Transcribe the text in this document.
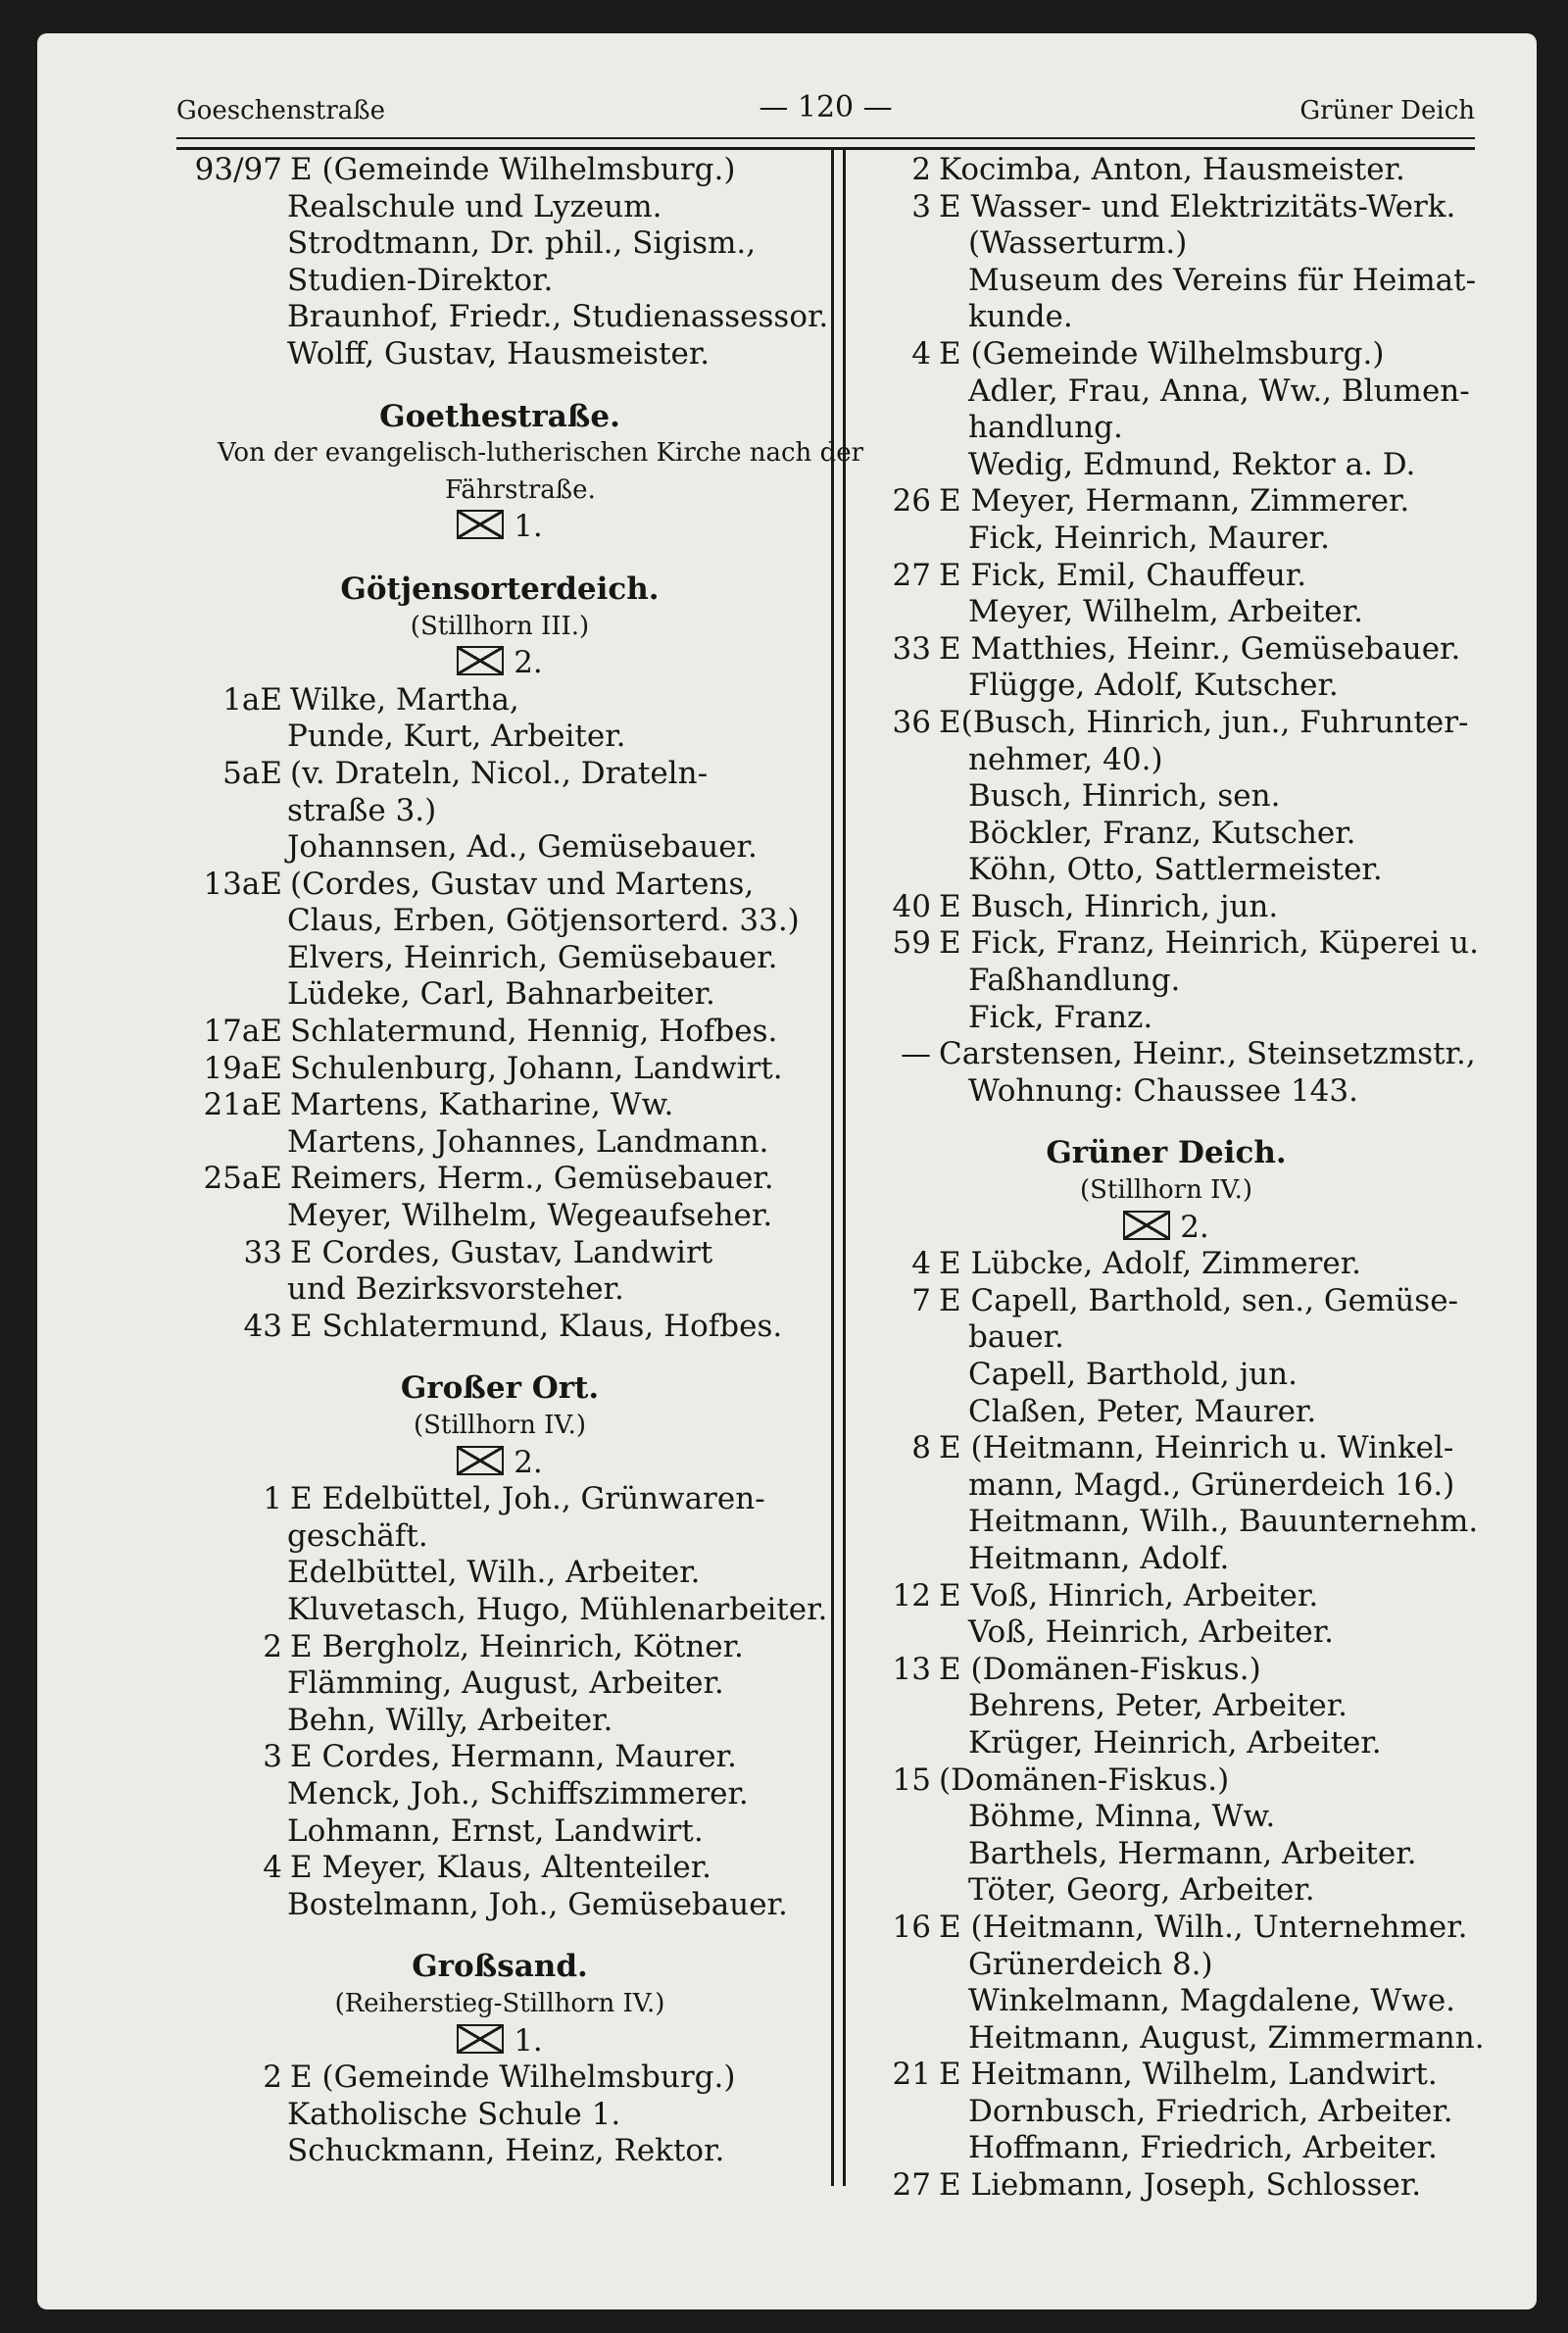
Goeschenstraße	— 120 —	Grüner Deich
93/97 E (Gemeinde Wilhelmsburg.)
Realschule und Lyzeum.
Strodtmann, Dr. phil., Sigism.,
Studien-Direktor.
Braunhof, Friedr., Studienassessor.
Wolff, Gustav, Hausmeister.
Goethestraße.
Von der evangelisch-lutherischen Kirche nach der
Fährstraße.
1.
Götjensorterdeich.
(Stillhorn III.)
2.
1aE Wilke, Martha,
Punde, Kurt, Arbeiter.
5aE (v. Drateln, Nicol., Drateln-
straße 3.)
Johannsen, Ad., Gemüsebauer.
13aE (Cordes, Gustav und Martens,
Claus, Erben, Götjensorterd. 33.)
Elvers, Heinrich, Gemüsebauer.
Lüdeke, Carl, Bahnarbeiter.
17aE Schlatermund, Hennig, Hofbes.
19aE Schulenburg, Johann, Landwirt.
21aE Martens, Katharine, Ww.
Martens, Johannes, Landmann.
25aE Reimers, Herm., Gemüsebauer.
Meyer, Wilhelm, Wegeaufseher.
33 E Cordes, Gustav, Landwirt
und Bezirksvorsteher.
43 E Schlatermund, Klaus, Hofbes.
Großer Ort.
(Stillhorn IV.)
2.
1 E Edelbüttel, Joh., Grünwaren-
geschäft.
Edelbüttel, Wilh., Arbeiter.
Kluvetasch, Hugo, Mühlenarbeiter.
2 E Bergholz, Heinrich, Kötner.
Flämming, August, Arbeiter.
Behn, Willy, Arbeiter.
3 E Cordes, Hermann, Maurer.
Menck, Joh., Schiffszimmerer.
Lohmann, Ernst, Landwirt.
4 E Meyer, Klaus, Altenteiler.
Bostelmann, Joh., Gemüsebauer.
Großsand.
(Reiherstieg-Stillhorn IV.)
1.
2 E (Gemeinde Wilhelmsburg.)
Katholische Schule 1.
Schuckmann, Heinz, Rektor.
2 Kocimba, Anton, Hausmeister.
3 E Wasser- und Elektrizitäts-Werk.
(Wasserturm.)
Museum des Vereins für Heimat-
kunde.
4 E (Gemeinde Wilhelmsburg.)
Adler, Frau, Anna, Ww., Blumen-
handlung.
Wedig, Edmund, Rektor a. D.
26 E Meyer, Hermann, Zimmerer.
Fick, Heinrich, Maurer.
27 E Fick, Emil, Chauffeur.
Meyer, Wilhelm, Arbeiter.
33 E Matthies, Heinr., Gemüsebauer.
Flügge, Adolf, Kutscher.
36 E(Busch, Hinrich, jun., Fuhrunter-
nehmer, 40.)
Busch, Hinrich, sen.
Böckler, Franz, Kutscher.
Köhn, Otto, Sattlermeister.
40 E Busch, Hinrich, jun.
59 E Fick, Franz, Heinrich, Küperei u.
Faßhandlung.
Fick, Franz.
— Carstensen, Heinr., Steinsetzmstr.,
Wohnung: Chaussee 143.
Grüner Deich.
(Stillhorn IV.)
2.
4 E Lübcke, Adolf, Zimmerer.
7 E Capell, Barthold, sen., Gemüse-
bauer.
Capell, Barthold, jun.
Claßen, Peter, Maurer.
8 E (Heitmann, Heinrich u. Winkel-
mann, Magd., Grünerdeich 16.)
Heitmann, Wilh., Bauunternehm.
Heitmann, Adolf.
12 E Voß, Hinrich, Arbeiter.
Voß, Heinrich, Arbeiter.
13 E (Domänen-Fiskus.)
Behrens, Peter, Arbeiter.
Krüger, Heinrich, Arbeiter.
15 (Domänen-Fiskus.)
Böhme, Minna, Ww.
Barthels, Hermann, Arbeiter.
Töter, Georg, Arbeiter.
16 E (Heitmann, Wilh., Unternehmer.
Grünerdeich 8.)
Winkelmann, Magdalene, Wwe.
Heitmann, August, Zimmermann.
21 E Heitmann, Wilhelm, Landwirt.
Dornbusch, Friedrich, Arbeiter.
Hoffmann, Friedrich, Arbeiter.
27 E Liebmann, Joseph, Schlosser.
